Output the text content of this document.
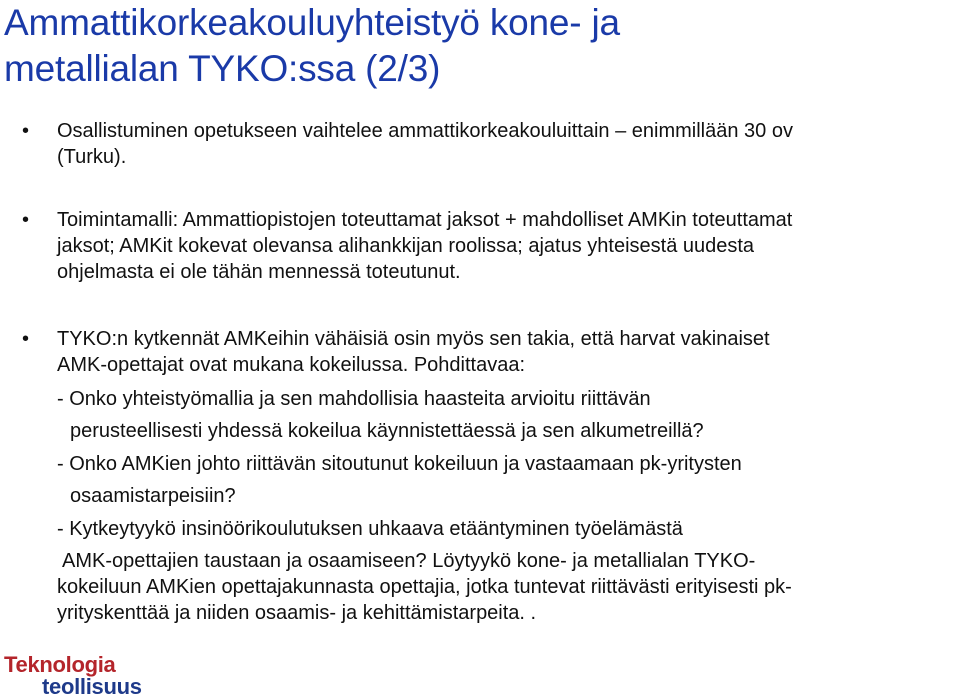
Ammattikorkeakouluyhteistyö kone- ja
metallialan TYKO:ssa (2/3)
• Osallistuminen opetukseen vaihtelee ammattikorkeakouluittain – enimmillään 30 ov
(Turku).
• Toimintamalli: Ammattiopistojen toteuttamat jaksot + mahdolliset AMKin toteuttamat
jaksot; AMKit kokevat olevansa alihankkijan roolissa; ajatus yhteisestä uudesta
ohjelmasta ei ole tähän mennessä toteutunut.
• TYKO:n kytkennät AMKeihin vähäisiä osin myös sen takia, että harvat vakinaiset
AMK-opettajat ovat mukana kokeilussa. Pohdittavaa:
- Onko yhteistyömallia ja sen mahdollisia haasteita arvioitu riittävän
perusteellisesti yhdessä kokeilua käynnistettäessä ja sen alkumetreillä?
- Onko AMKien johto riittävän sitoutunut kokeiluun ja vastaamaan pk-yritysten
osaamistarpeisiin?
- Kytkeytyykö insinöörikoulutuksen uhkaava etääntyminen työelämästä
AMK-opettajien taustaan ja osaamiseen? Löytyykö kone- ja metallialan TYKO-
kokeiluun AMKien opettajakunnasta opettajia, jotka tuntevat riittävästi erityisesti pk-
yrityskenttää ja niiden osaamis- ja kehittämistarpeita. .
Teknologia
teollisuus
